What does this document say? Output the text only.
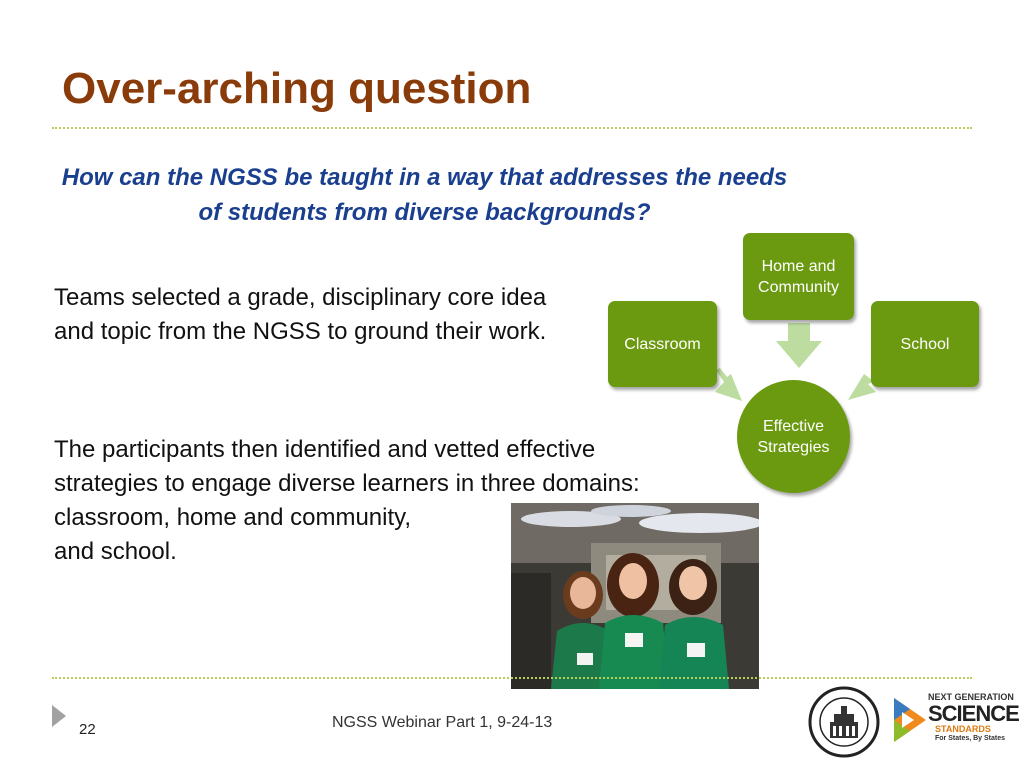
Over-arching question
How can the NGSS be taught in a way that addresses the needs of students from diverse backgrounds?
Teams selected a grade, disciplinary core idea and topic from the NGSS to ground their work.
The participants then identified and vetted effective
strategies to engage diverse learners in three domains:
classroom, home and community,
and school.
Home and Community
Classroom	School
Effective Strategies
22	NGSS Webinar Part 1, 9-24-13
NEXT GENERATION
SCIENCE
STANDARDS
For States, By States
